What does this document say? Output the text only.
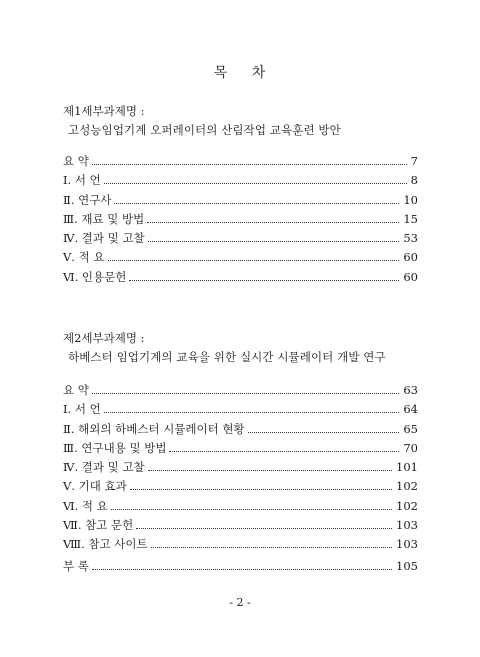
목 차
제1세부과제명 :
고성능임업기계 오퍼레이터의 산림작업 교육훈련 방안
요 약	7
Ⅰ. 서 언	8
Ⅱ. 연구사	10
Ⅲ. 재료 및 방법	15
Ⅳ. 결과 및 고찰	53
Ⅴ. 적 요	60
Ⅵ. 인용문헌	60
제2세부과제명 :
하베스터 임업기계의 교육을 위한 실시간 시뮬레이터 개발 연구
요 약	63
Ⅰ. 서 언	64
Ⅱ. 해외의 하베스터 시뮬레이터 현황	65
Ⅲ. 연구내용 및 방법	70
Ⅳ. 결과 및 고찰	101
Ⅴ. 기대 효과	102
Ⅵ. 적 요	102
Ⅶ. 참고 문헌	103
Ⅷ. 참고 사이트	103
부 록	105
- 2 -
